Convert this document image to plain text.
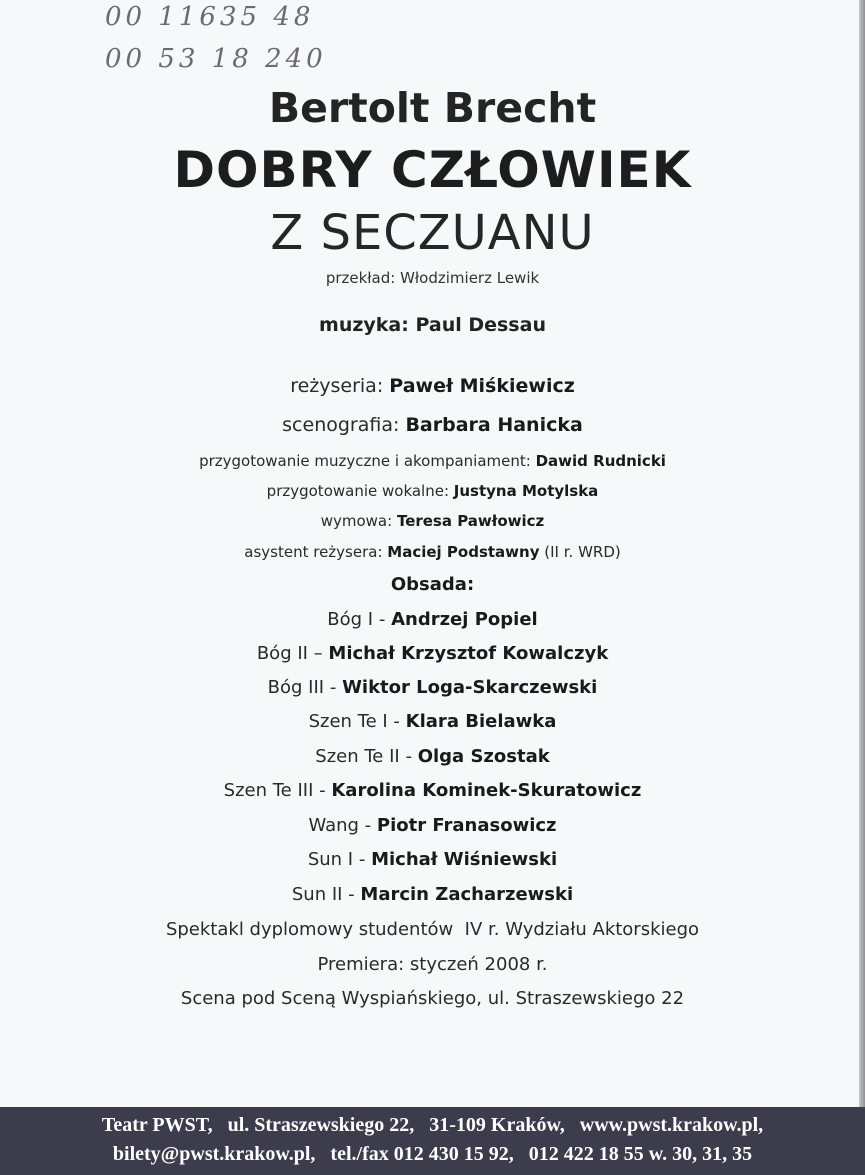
00 11635 48
00 53 18 240
Bertolt Brecht
DOBRY CZŁOWIEK
Z SECZUANU
przekład: Włodzimierz Lewik
muzyka: Paul Dessau
reżyseria: Paweł Miśkiewicz
scenografia: Barbara Hanicka
przygotowanie muzyczne i akompaniament: Dawid Rudnicki
przygotowanie wokalne: Justyna Motylska
wymowa: Teresa Pawłowicz
asystent reżysera: Maciej Podstawny (II r. WRD)
Obsada:
Bóg I - Andrzej Popiel
Bóg II – Michał Krzysztof Kowalczyk
Bóg III - Wiktor Loga-Skarczewski
Szen Te I - Klara Bielawka
Szen Te II - Olga Szostak
Szen Te III - Karolina Kominek-Skuratowicz
Wang - Piotr Franasowicz
Sun I - Michał Wiśniewski
Sun II - Marcin Zacharzewski
Spektakl dyplomowy studentów  IV r. Wydziału Aktorskiego
Premiera: styczeń 2008 r.
Scena pod Sceną Wyspiańskiego, ul. Straszewskiego 22
Teatr PWST,   ul. Straszewskiego 22,   31-109 Kraków,   www.pwst.krakow.pl,
bilety@pwst.krakow.pl,   tel./fax 012 430 15 92,   012 422 18 55 w. 30, 31, 35
